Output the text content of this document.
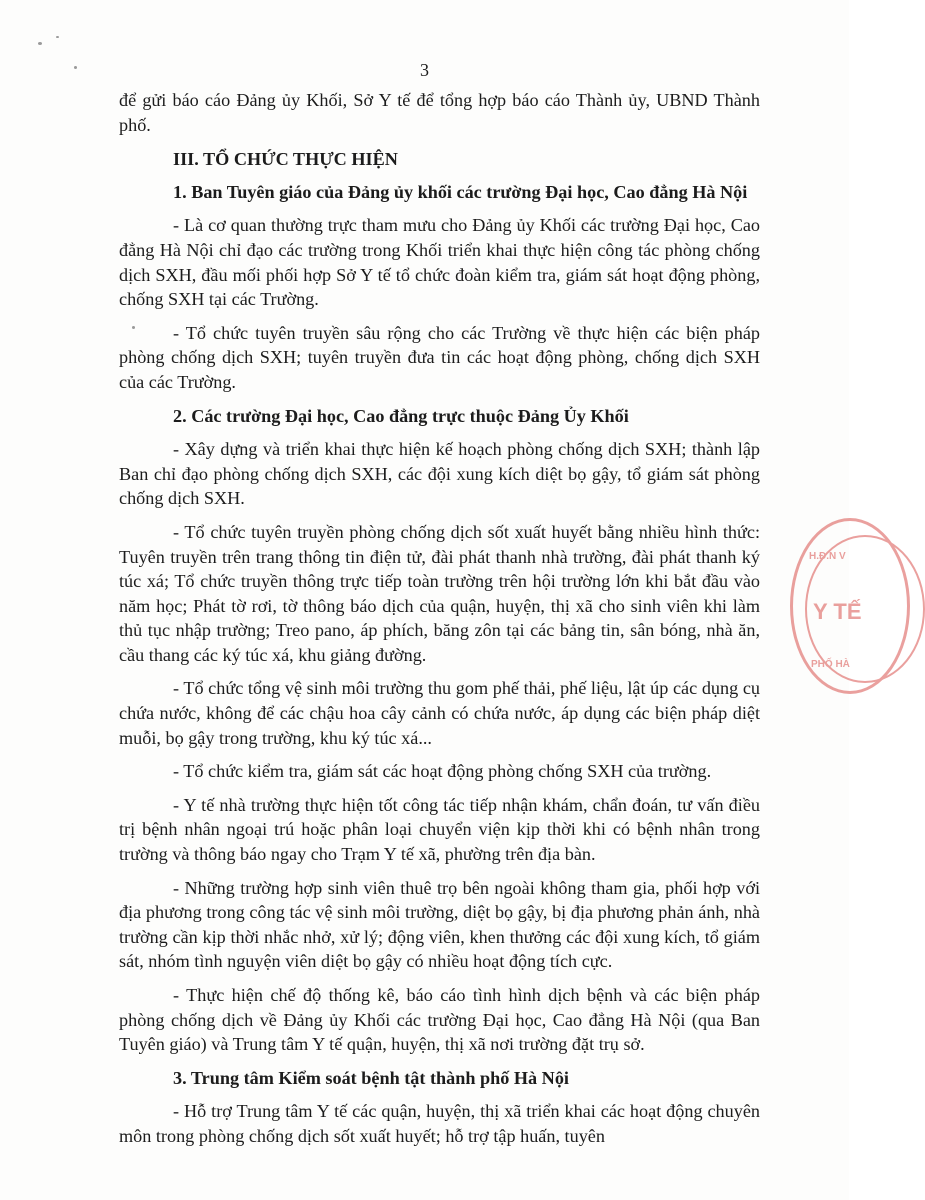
3

để gửi báo cáo Đảng ủy Khối, Sở Y tế để tổng hợp báo cáo Thành ủy, UBND Thành phố.

III. TỔ CHỨC THỰC HIỆN
1. Ban Tuyên giáo của Đảng ủy khối các trường Đại học, Cao đẳng Hà Nội

- Là cơ quan thường trực tham mưu cho Đảng ủy Khối các trường Đại học, Cao đẳng Hà Nội chỉ đạo các trường trong Khối triển khai thực hiện công tác phòng chống dịch SXH, đầu mối phối hợp Sở Y tế tổ chức đoàn kiểm tra, giám sát hoạt động phòng, chống SXH tại các Trường.

- Tổ chức tuyên truyền sâu rộng cho các Trường về thực hiện các biện pháp phòng chống dịch SXH; tuyên truyền đưa tin các hoạt động phòng, chống dịch SXH của các Trường.

2. Các trường Đại học, Cao đẳng trực thuộc Đảng Ủy Khối

- Xây dựng và triển khai thực hiện kế hoạch phòng chống dịch SXH; thành lập Ban chỉ đạo phòng chống dịch SXH, các đội xung kích diệt bọ gậy, tổ giám sát phòng chống dịch SXH.

- Tổ chức tuyên truyền phòng chống dịch sốt xuất huyết bằng nhiều hình thức: Tuyên truyền trên trang thông tin điện tử, đài phát thanh nhà trường, đài phát thanh ký túc xá; Tổ chức truyền thông trực tiếp toàn trường trên hội trường lớn khi bắt đầu vào năm học; Phát tờ rơi, tờ thông báo dịch của quận, huyện, thị xã cho sinh viên khi làm thủ tục nhập trường; Treo pano, áp phích, băng zôn tại các bảng tin, sân bóng, nhà ăn, cầu thang các ký túc xá, khu giảng đường.

- Tổ chức tổng vệ sinh môi trường thu gom phế thải, phế liệu, lật úp các dụng cụ chứa nước, không để các chậu hoa cây cảnh có chứa nước, áp dụng các biện pháp diệt muỗi, bọ gậy trong trường, khu ký túc xá...

- Tổ chức kiểm tra, giám sát các hoạt động phòng chống SXH của trường.

- Y tế nhà trường thực hiện tốt công tác tiếp nhận khám, chẩn đoán, tư vấn điều trị bệnh nhân ngoại trú hoặc phân loại chuyển viện kịp thời khi có bệnh nhân trong trường và thông báo ngay cho Trạm Y tế xã, phường trên địa bàn.

- Những trường hợp sinh viên thuê trọ bên ngoài không tham gia, phối hợp với địa phương trong công tác vệ sinh môi trường, diệt bọ gậy, bị địa phương phản ánh, nhà trường cần kịp thời nhắc nhở, xử lý; động viên, khen thưởng các đội xung kích, tổ giám sát, nhóm tình nguyện viên diệt bọ gậy có nhiều hoạt động tích cực.

- Thực hiện chế độ thống kê, báo cáo tình hình dịch bệnh và các biện pháp phòng chống dịch về Đảng ủy Khối các trường Đại học, Cao đẳng Hà Nội (qua Ban Tuyên giáo) và Trung tâm Y tế quận, huyện, thị xã nơi trường đặt trụ sở.

3. Trung tâm Kiểm soát bệnh tật thành phố Hà Nội

- Hỗ trợ Trung tâm Y tế các quận, huyện, thị xã triển khai các hoạt động chuyên môn trong phòng chống dịch sốt xuất huyết; hỗ trợ tập huấn, tuyên

H.Đ.N V
Y TẾ
PHỐ HÀ
